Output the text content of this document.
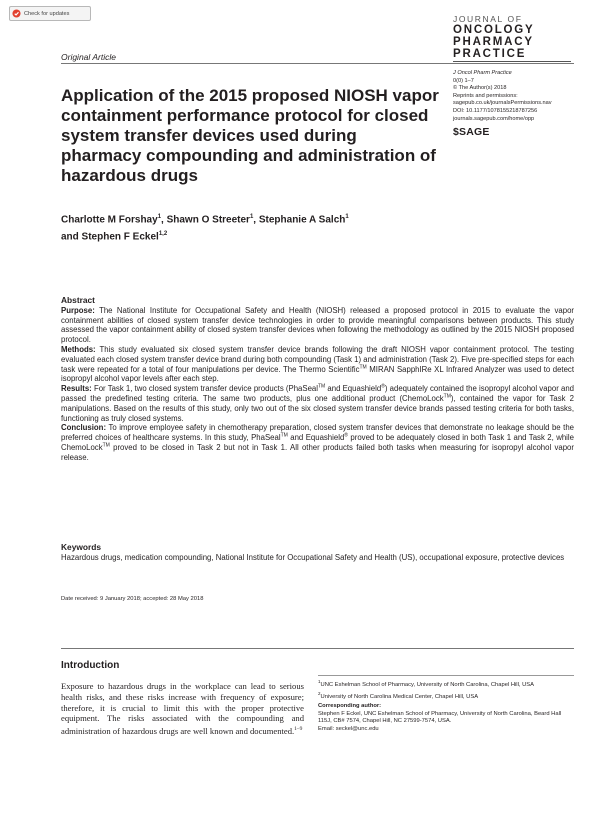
Check for updates
JOURNAL OF
ONCOLOGY
PHARMACY
PRACTICE
Original Article
J Oncol Pharm Practice
0(0) 1–7
© The Author(s) 2018
Reprints and permissions:
sagepub.co.uk/journalsPermissions.nav
DOI: 10.1177/1078155218787256
journals.sagepub.com/home/opp
$SAGE
Application of the 2015 proposed NIOSH vapor containment performance protocol for closed system transfer devices used during pharmacy compounding and administration of hazardous drugs
Charlotte M Forshay$^1$, Shawn O Streeter$^1$, Stephanie A Salch$^1$
and Stephen F Eckel$^{1,2}$
Abstract

Purpose: The National Institute for Occupational Safety and Health (NIOSH) released a proposed protocol in 2015 to evaluate the vapor containment abilities of closed system transfer device technologies in order to provide meaningful comparisons between products. This study assessed the vapor containment ability of closed system transfer devices when following the methodology as outlined by the 2015 NIOSH proposed protocol.

Methods: This study evaluated six closed system transfer device brands following the draft NIOSH vapor containment protocol. The testing evaluated each closed system transfer device brand during both compounding (Task 1) and administration (Task 2). Five pre-specified steps for each task were repeated for a total of four manipulations per device. The Thermo Scientific™ MIRAN SapphIRe XL Infrared Analyzer was used to detect isopropyl alcohol vapor levels after each step.

Results: For Task 1, two closed system transfer device products (PhaSeal™ and Equashield®) adequately contained the isopropyl alcohol vapor and passed the predefined testing criteria. The same two products, plus one additional product (ChemoLock™), contained the vapor for Task 2 manipulations. Based on the results of this study, only two out of the six closed system transfer device brands passed testing criteria for both tasks, functioning as truly closed systems.

Conclusion: To improve employee safety in chemotherapy preparation, closed system transfer devices that demonstrate no leakage should be the preferred choices of healthcare systems. In this study, PhaSeal™ and Equashield® proved to be adequately closed in both Task 1 and Task 2, while ChemoLock™ proved to be closed in Task 2 but not in Task 1. All other products failed both tasks when measuring for isopropyl alcohol vapor release.

Keywords
Hazardous drugs, medication compounding, National Institute for Occupational Safety and Health (US), occupational exposure, protective devices
Date received: 9 January 2018; accepted: 28 May 2018
Introduction

Exposure to hazardous drugs in the workplace can lead to serious health risks, and these risks increase with frequency of exposure; therefore, it is crucial to limit this with the proper protective equipment. The risks associated with the compounding and administration of hazardous drugs are well known and documented.$^{1-9}$

$^1$UNC Eshelman School of Pharmacy, University of North Carolina, Chapel Hill, USA

$^2$University of North Carolina Medical Center, Chapel Hill, USA

Corresponding author:

Stephen F Eckel, UNC Eshelman School of Pharmacy, University of North Carolina, Beard Hall 115J, CB# 7574, Chapel Hill, NC 27599-7574, USA.

Email: seckel@unc.edu
